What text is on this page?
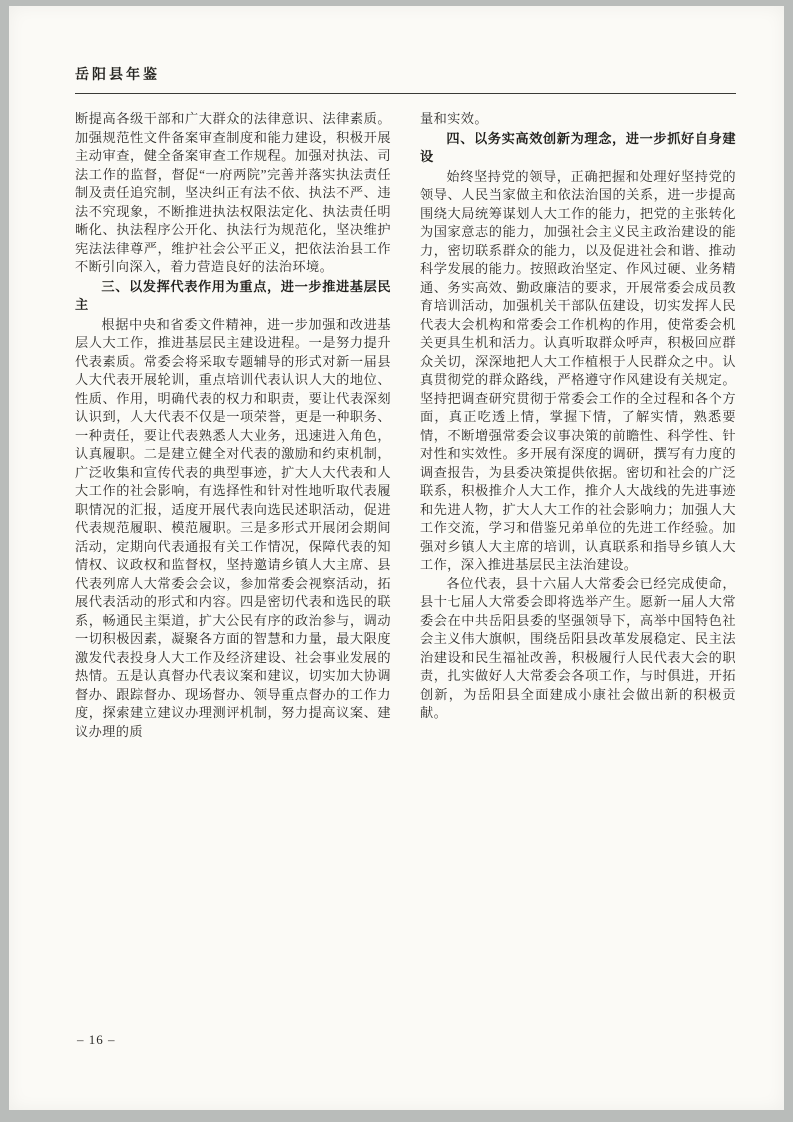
岳阳县年鉴

断提高各级干部和广大群众的法律意识、法律素质。加强规范性文件备案审查制度和能力建设，积极开展主动审查，健全备案审查工作规程。加强对执法、司法工作的监督，督促“一府两院”完善并落实执法责任制及责任追究制，坚决纠正有法不依、执法不严、违法不究现象，不断推进执法权限法定化、执法责任明晰化、执法程序公开化、执法行为规范化，坚决维护宪法法律尊严，维护社会公平正义，把依法治县工作不断引向深入，着力营造良好的法治环境。

三、以发挥代表作用为重点，进一步推进基层民主

根据中央和省委文件精神，进一步加强和改进基层人大工作，推进基层民主建设进程。一是努力提升代表素质。常委会将采取专题辅导的形式对新一届县人大代表开展轮训，重点培训代表认识人大的地位、性质、作用，明确代表的权力和职责，要让代表深刻认识到，人大代表不仅是一项荣誉，更是一种职务、一种责任，要让代表熟悉人大业务，迅速进入角色，认真履职。二是建立健全对代表的激励和约束机制，广泛收集和宣传代表的典型事迹，扩大人大代表和人大工作的社会影响，有选择性和针对性地听取代表履职情况的汇报，适度开展代表向选民述职活动，促进代表规范履职、模范履职。三是多形式开展闭会期间活动，定期向代表通报有关工作情况，保障代表的知情权、议政权和监督权，坚持邀请乡镇人大主席、县代表列席人大常委会会议，参加常委会视察活动，拓展代表活动的形式和内容。四是密切代表和选民的联系，畅通民主渠道，扩大公民有序的政治参与，调动一切积极因素，凝聚各方面的智慧和力量，最大限度激发代表投身人大工作及经济建设、社会事业发展的热情。五是认真督办代表议案和建议，切实加大协调督办、跟踪督办、现场督办、领导重点督办的工作力度，探索建立建议办理测评机制，努力提高议案、建议办理的质

量和实效。

四、以务实高效创新为理念，进一步抓好自身建设

始终坚持党的领导，正确把握和处理好坚持党的领导、人民当家做主和依法治国的关系，进一步提高围绕大局统筹谋划人大工作的能力，把党的主张转化为国家意志的能力，加强社会主义民主政治建设的能力，密切联系群众的能力，以及促进社会和谐、推动科学发展的能力。按照政治坚定、作风过硬、业务精通、务实高效、勤政廉洁的要求，开展常委会成员教育培训活动，加强机关干部队伍建设，切实发挥人民代表大会机构和常委会工作机构的作用，使常委会机关更具生机和活力。认真听取群众呼声，积极回应群众关切，深深地把人大工作植根于人民群众之中。认真贯彻党的群众路线，严格遵守作风建设有关规定。坚持把调查研究贯彻于常委会工作的全过程和各个方面，真正吃透上情，掌握下情，了解实情，熟悉要情，不断增强常委会议事决策的前瞻性、科学性、针对性和实效性。多开展有深度的调研，撰写有力度的调查报告，为县委决策提供依据。密切和社会的广泛联系，积极推介人大工作，推介人大战线的先进事迹和先进人物，扩大人大工作的社会影响力；加强人大工作交流，学习和借鉴兄弟单位的先进工作经验。加强对乡镇人大主席的培训，认真联系和指导乡镇人大工作，深入推进基层民主法治建设。

各位代表，县十六届人大常委会已经完成使命，县十七届人大常委会即将选举产生。愿新一届人大常委会在中共岳阳县委的坚强领导下，高举中国特色社会主义伟大旗帜，围绕岳阳县改革发展稳定、民主法治建设和民生福祉改善，积极履行人民代表大会的职责，扎实做好人大常委会各项工作，与时俱进，开拓创新，为岳阳县全面建成小康社会做出新的积极贡献。

– 16 –
